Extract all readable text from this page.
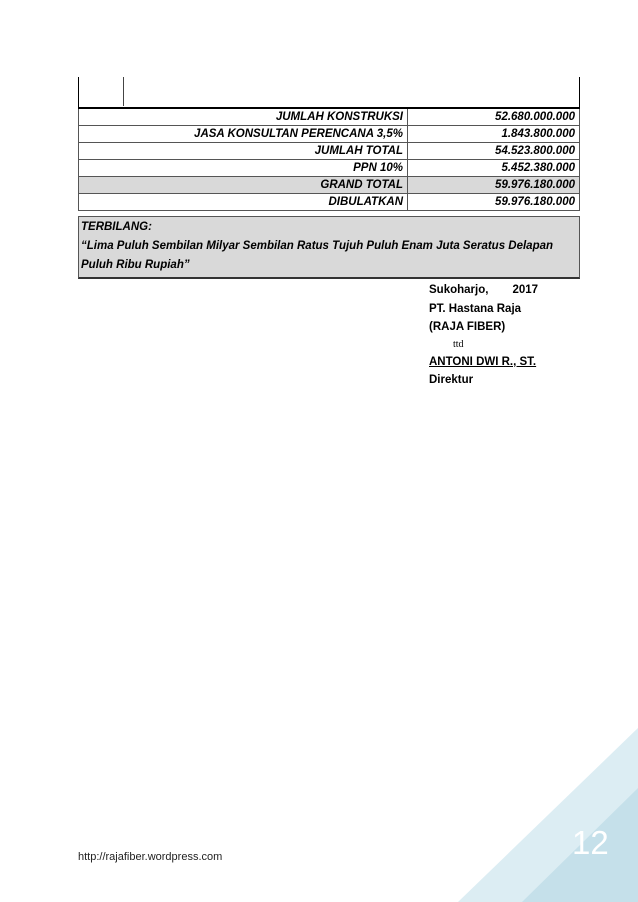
JUMLAH KONSTRUKSI	52.680.000.000
JASA KONSULTAN PERENCANA 3,5%	1.843.800.000
JUMLAH TOTAL	54.523.800.000
PPN 10%	5.452.380.000
GRAND TOTAL	59.976.180.000
DIBULATKAN	59.976.180.000
TERBILANG:
“Lima Puluh Sembilan Milyar Sembilan Ratus Tujuh Puluh Enam Juta Seratus Delapan Puluh Ribu Rupiah”
Sukoharjo, 2017
PT. Hastana Raja
(RAJA FIBER)
ttd
ANTONI DWI R., ST.
Direktur
http://rajafiber.wordpress.com	12
